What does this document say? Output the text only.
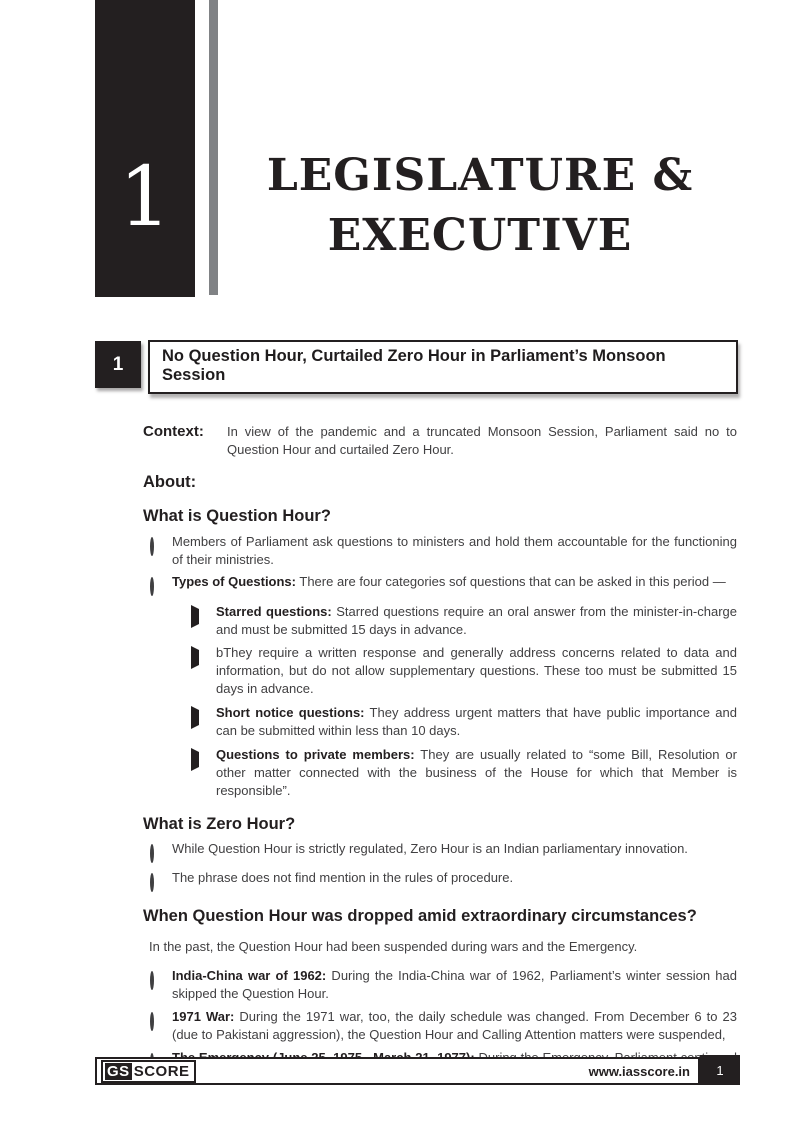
1	LEGISLATURE &
EXECUTIVE
1	No Question Hour, Curtailed Zero Hour in Parliament’s Monsoon Session
Context:	In view of the pandemic and a truncated Monsoon Session, Parliament said no to Question Hour and curtailed Zero Hour.
About:
What is Question Hour?
Members of Parliament ask questions to ministers and hold them accountable for the functioning of their ministries.
Types of Questions: There are four categories sof questions that can be asked in this period —
Starred questions: Starred questions require an oral answer from the minister-in-charge and must be submitted 15 days in advance.
bThey require a written response and generally address concerns related to data and information, but do not allow supplementary questions. These too must be submitted 15 days in advance.
Short notice questions: They address urgent matters that have public importance and can be submitted within less than 10 days.
Questions to private members: They are usually related to “some Bill, Resolution or other matter connected with the business of the House for which that Member is responsible”.
What is Zero Hour?
While Question Hour is strictly regulated, Zero Hour is an Indian parliamentary innovation.
The phrase does not find mention in the rules of procedure.
When Question Hour was dropped amid extraordinary circumstances?
In the past, the Question Hour had been suspended during wars and the Emergency.
India-China war of 1962: During the India-China war of 1962, Parliament’s winter session had skipped the Question Hour.
1971 War: During the 1971 war, too, the daily schedule was changed. From December 6 to 23 (due to Pakistani aggression), the Question Hour and Calling Attention matters were suspended,
GS SCORE	www.iasscore.in	1
